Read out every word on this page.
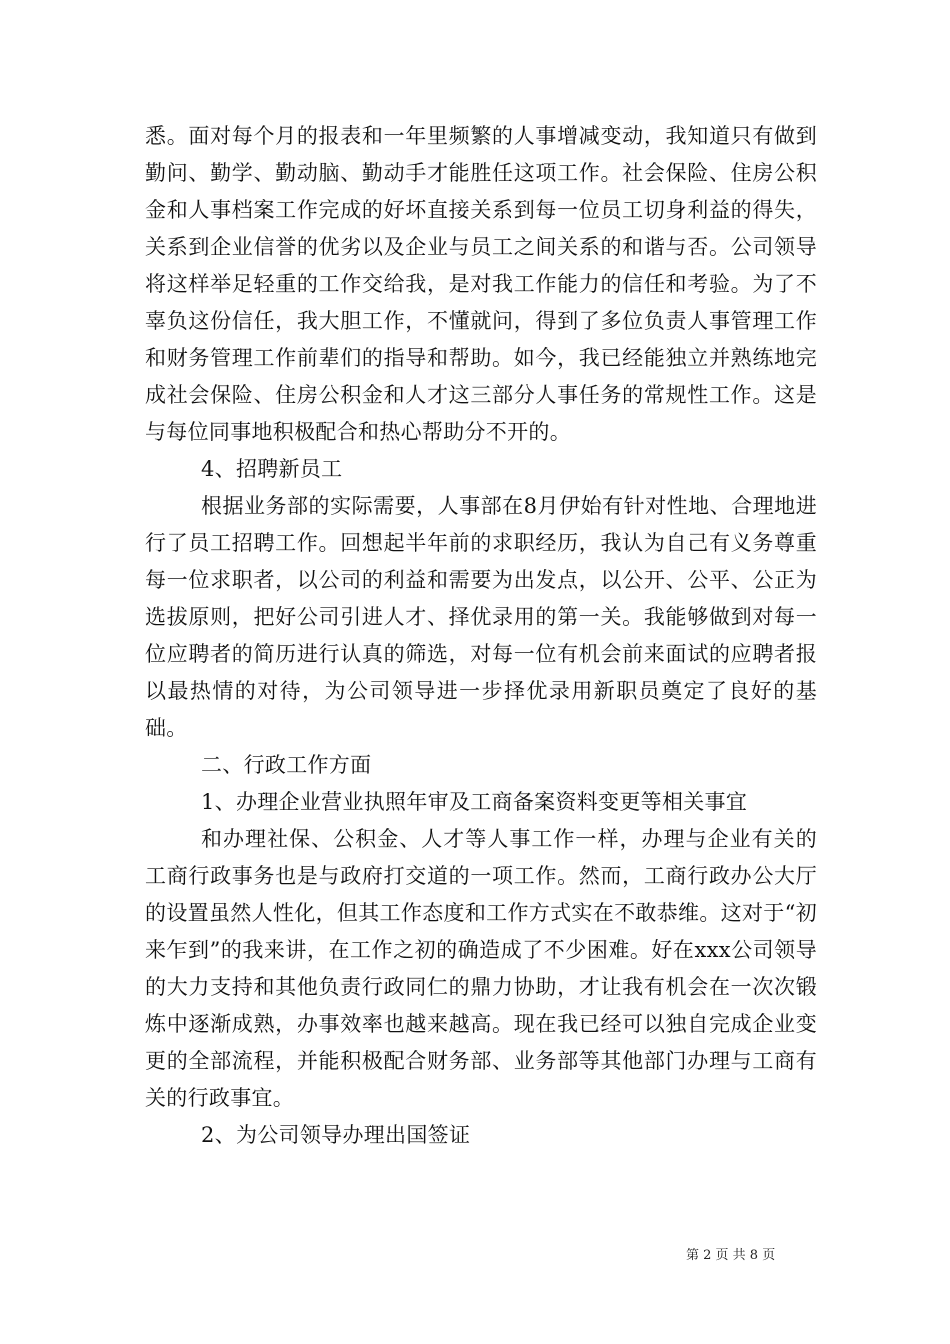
悉。面对每个月的报表和一年里频繁的人事增减变动，我知道只有做到勤问、勤学、勤动脑、勤动手才能胜任这项工作。社会保险、住房公积金和人事档案工作完成的好坏直接关系到每一位员工切身利益的得失，关系到企业信誉的优劣以及企业与员工之间关系的和谐与否。公司领导将这样举足轻重的工作交给我，是对我工作能力的信任和考验。为了不辜负这份信任，我大胆工作，不懂就问，得到了多位负责人事管理工作和财务管理工作前辈们的指导和帮助。如今，我已经能独立并熟练地完成社会保险、住房公积金和人才这三部分人事任务的常规性工作。这是与每位同事地积极配合和热心帮助分不开的。

4、招聘新员工

根据业务部的实际需要，人事部在8月伊始有针对性地、合理地进行了员工招聘工作。回想起半年前的求职经历，我认为自己有义务尊重每一位求职者，以公司的利益和需要为出发点，以公开、公平、公正为选拔原则，把好公司引进人才、择优录用的第一关。我能够做到对每一位应聘者的简历进行认真的筛选，对每一位有机会前来面试的应聘者报以最热情的对待，为公司领导进一步择优录用新职员奠定了良好的基础。

二、行政工作方面

1、办理企业营业执照年审及工商备案资料变更等相关事宜

和办理社保、公积金、人才等人事工作一样，办理与企业有关的工商行政事务也是与政府打交道的一项工作。然而，工商行政办公大厅的设置虽然人性化，但其工作态度和工作方式实在不敢恭维。这对于“初来乍到”的我来讲，在工作之初的确造成了不少困难。好在xxx公司领导的大力支持和其他负责行政同仁的鼎力协助，才让我有机会在一次次锻炼中逐渐成熟，办事效率也越来越高。现在我已经可以独自完成企业变更的全部流程，并能积极配合财务部、业务部等其他部门办理与工商有关的行政事宜。

2、为公司领导办理出国签证

第 2 页 共 8 页
